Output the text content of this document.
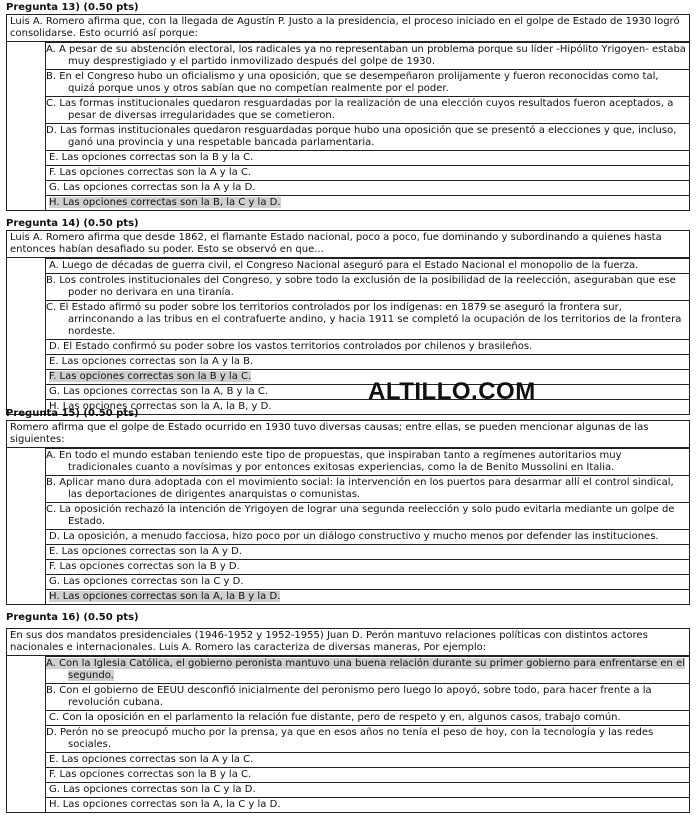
Pregunta 13) (0.50 pts)
Luis A. Romero afirma que, con la llegada de Agustín P. Justo a la presidencia, el proceso iniciado en el golpe de Estado de 1930 logró consolidarse. Esto ocurrió así porque:
A. A pesar de su abstención electoral, los radicales ya no representaban un problema porque su líder -Hipólito Yrigoyen- estaba muy desprestigiado y el partido inmovilizado después del golpe de 1930.
B. En el Congreso hubo un oficialismo y una oposición, que se desempeñaron prolijamente y fueron reconocidas como tal, quizá porque unos y otros sabían que no competían realmente por el poder.
C. Las formas institucionales quedaron resguardadas por la realización de una elección cuyos resultados fueron aceptados, a pesar de diversas irregularidades que se cometieron.
D. Las formas institucionales quedaron resguardadas porque hubo una oposición que se presentó a elecciones y que, incluso, ganó una provincia y una respetable bancada parlamentaria.
E. Las opciones correctas son la B y la C.
F. Las opciones correctas son la A y la C.
G. Las opciones correctas son la A y la D.
H. Las opciones correctas son la B, la C y la D.
Pregunta 14) (0.50 pts)
Luis A. Romero afirma que desde 1862, el flamante Estado nacional, poco a poco, fue dominando y subordinando a quienes hasta entonces habían desafiado su poder. Esto se observó en que...
A. Luego de décadas de guerra civil, el Congreso Nacional aseguró para el Estado Nacional el monopolio de la fuerza.
B. Los controles institucionales del Congreso, y sobre todo la exclusión de la posibilidad de la reelección, aseguraban que ese poder no derivara en una tiranía.
C. El Estado afirmó su poder sobre los territorios controlados por los indígenas: en 1879 se aseguró la frontera sur, arrinconando a las tribus en el contrafuerte andino, y hacia 1911 se completó la ocupación de los territorios de la frontera nordeste.
D. El Estado confirmó su poder sobre los vastos territorios controlados por chilenos y brasileños.
E. Las opciones correctas son la A y la B.
F. Las opciones correctas son la B y la C.
G. Las opciones correctas son la A, B y la C.
H. Las opciones correctas son la A, la B, y D.
ALTILLO.COM
Pregunta 15) (0.50 pts)
Romero afirma que el golpe de Estado ocurrido en 1930 tuvo diversas causas; entre ellas, se pueden mencionar algunas de las siguientes:
A. En todo el mundo estaban teniendo este tipo de propuestas, que inspiraban tanto a regímenes autoritarios muy tradicionales cuanto a novísimas y por entonces exitosas experiencias, como la de Benito Mussolini en Italia.
B. Aplicar mano dura adoptada con el movimiento social: la intervención en los puertos para desarmar allí el control sindical, las deportaciones de dirigentes anarquistas o comunistas.
C. La oposición rechazó la intención de Yrigoyen de lograr una segunda reelección y solo pudo evitarla mediante un golpe de Estado.
D. La oposición, a menudo facciosa, hizo poco por un diálogo constructivo y mucho menos por defender las instituciones.
E. Las opciones correctas son la A y D.
F. Las opciones correctas son la B y D.
G. Las opciones correctas son la C y D.
H. Las opciones correctas son la A, la B y la D.
Pregunta 16) (0.50 pts)
En sus dos mandatos presidenciales (1946-1952 y 1952-1955) Juan D. Perón mantuvo relaciones políticas con distintos actores nacionales e internacionales. Luis A. Romero las caracteriza de diversas maneras, Por ejemplo:
A. Con la Iglesia Católica, el gobierno peronista mantuvo una buena relación durante su primer gobierno para enfrentarse en el segundo.
B. Con el gobierno de EEUU desconfió inicialmente del peronismo pero luego lo apoyó, sobre todo, para hacer frente a la revolución cubana.
C. Con la oposición en el parlamento la relación fue distante, pero de respeto y en, algunos casos, trabajo común.
D. Perón no se preocupó mucho por la prensa, ya que en esos años no tenía el peso de hoy, con la tecnología y las redes sociales.
E. Las opciones correctas son la A y la C.
F. Las opciones correctas son la B y la C.
G. Las opciones correctas son la C y la D.
H. Las opciones correctas son la A, la C y la D.
